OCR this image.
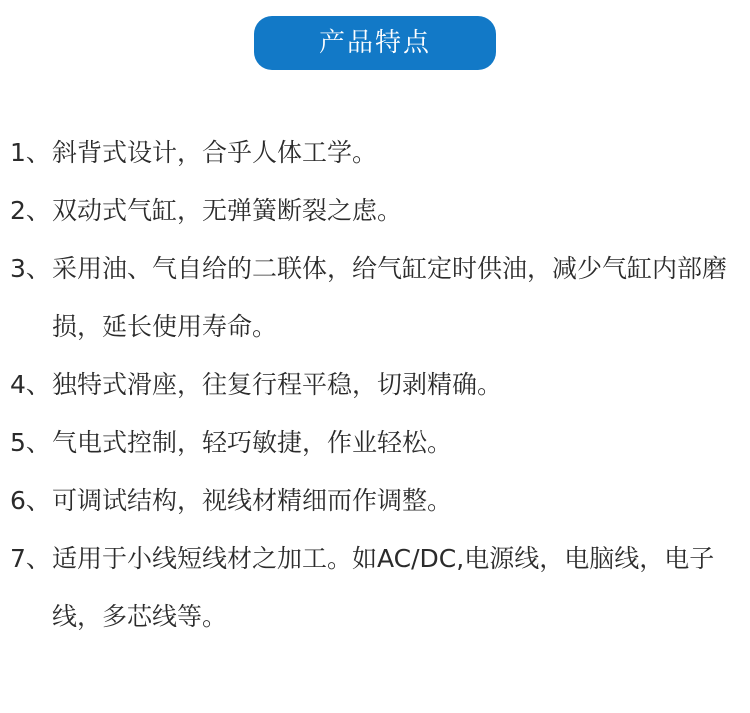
产品特点
1、 斜背式设计，合乎人体工学。
2、 双动式气缸，无弹簧断裂之虑。
3、 采用油、气自给的二联体，给气缸定时供油，减少气缸内部磨损，延长使用寿命。
4、 独特式滑座，往复行程平稳，切剥精确。
5、 气电式控制，轻巧敏捷，作业轻松。
6、 可调试结构，视线材精细而作调整。
7、 适用于小线短线材之加工。如AC/DC,电源线，电脑线，电子线，多芯线等。
